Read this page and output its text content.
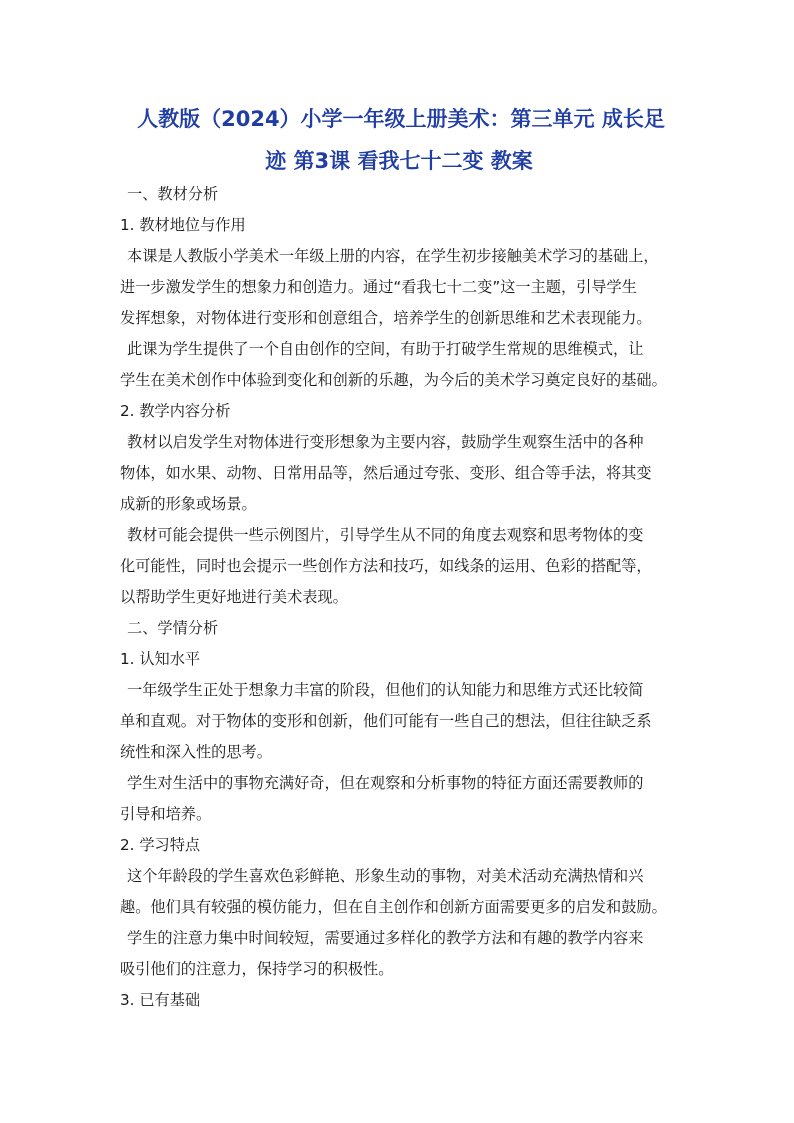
人教版（2024）小学一年级上册美术：第三单元 成长足
迹 第3课 看我七十二变 教案
一、教材分析
1. 教材地位与作用
本课是人教版小学美术一年级上册的内容，在学生初步接触美术学习的基础上，
进一步激发学生的想象力和创造力。通过“看我七十二变”这一主题，引导学生
发挥想象，对物体进行变形和创意组合，培养学生的创新思维和艺术表现能力。
此课为学生提供了一个自由创作的空间，有助于打破学生常规的思维模式，让
学生在美术创作中体验到变化和创新的乐趣，为今后的美术学习奠定良好的基础。
2. 教学内容分析
教材以启发学生对物体进行变形想象为主要内容，鼓励学生观察生活中的各种
物体，如水果、动物、日常用品等，然后通过夸张、变形、组合等手法，将其变
成新的形象或场景。
教材可能会提供一些示例图片，引导学生从不同的角度去观察和思考物体的变
化可能性，同时也会提示一些创作方法和技巧，如线条的运用、色彩的搭配等，
以帮助学生更好地进行美术表现。
二、学情分析
1. 认知水平
一年级学生正处于想象力丰富的阶段，但他们的认知能力和思维方式还比较简
单和直观。对于物体的变形和创新，他们可能有一些自己的想法，但往往缺乏系
统性和深入性的思考。
学生对生活中的事物充满好奇，但在观察和分析事物的特征方面还需要教师的
引导和培养。
2. 学习特点
这个年龄段的学生喜欢色彩鲜艳、形象生动的事物，对美术活动充满热情和兴
趣。他们具有较强的模仿能力，但在自主创作和创新方面需要更多的启发和鼓励。
学生的注意力集中时间较短，需要通过多样化的教学方法和有趣的教学内容来
吸引他们的注意力，保持学习的积极性。
3. 已有基础
